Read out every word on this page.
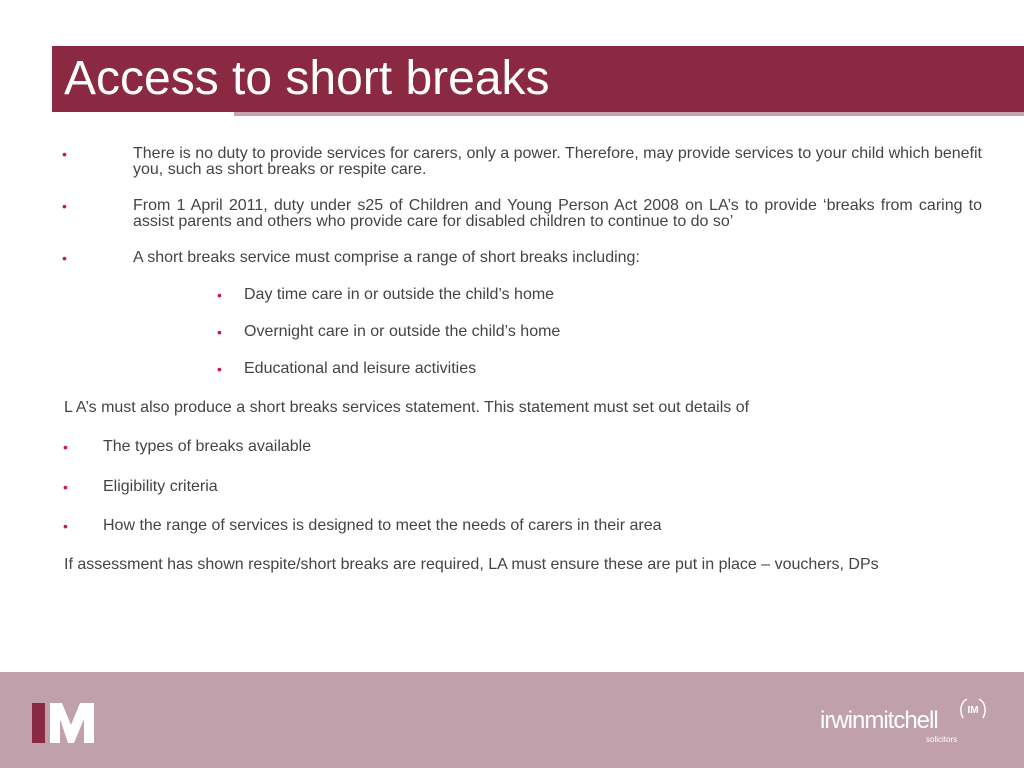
Access to short breaks
•	There is no duty to provide services for carers, only a power. Therefore, may provide services to your child which benefit you, such as short breaks or respite care.
•	From 1 April 2011, duty under s25 of Children and Young Person Act 2008 on LA’s to provide ‘breaks from caring to assist parents and others who provide care for disabled children to continue to do so’
•	A short breaks service must comprise a range of short breaks including:
• Day time care in or outside the child’s home
• Overnight care in or outside the child’s home
• Educational and leisure activities
L A’s must also produce a short breaks services statement. This statement must set out details of
• The types of breaks available
• Eligibility criteria
• How the range of services is designed to meet the needs of carers in their area
If assessment has shown respite/short breaks are required, LA must ensure these are put in place – vouchers, DPs
irwinmitchell
solicitors
IM
